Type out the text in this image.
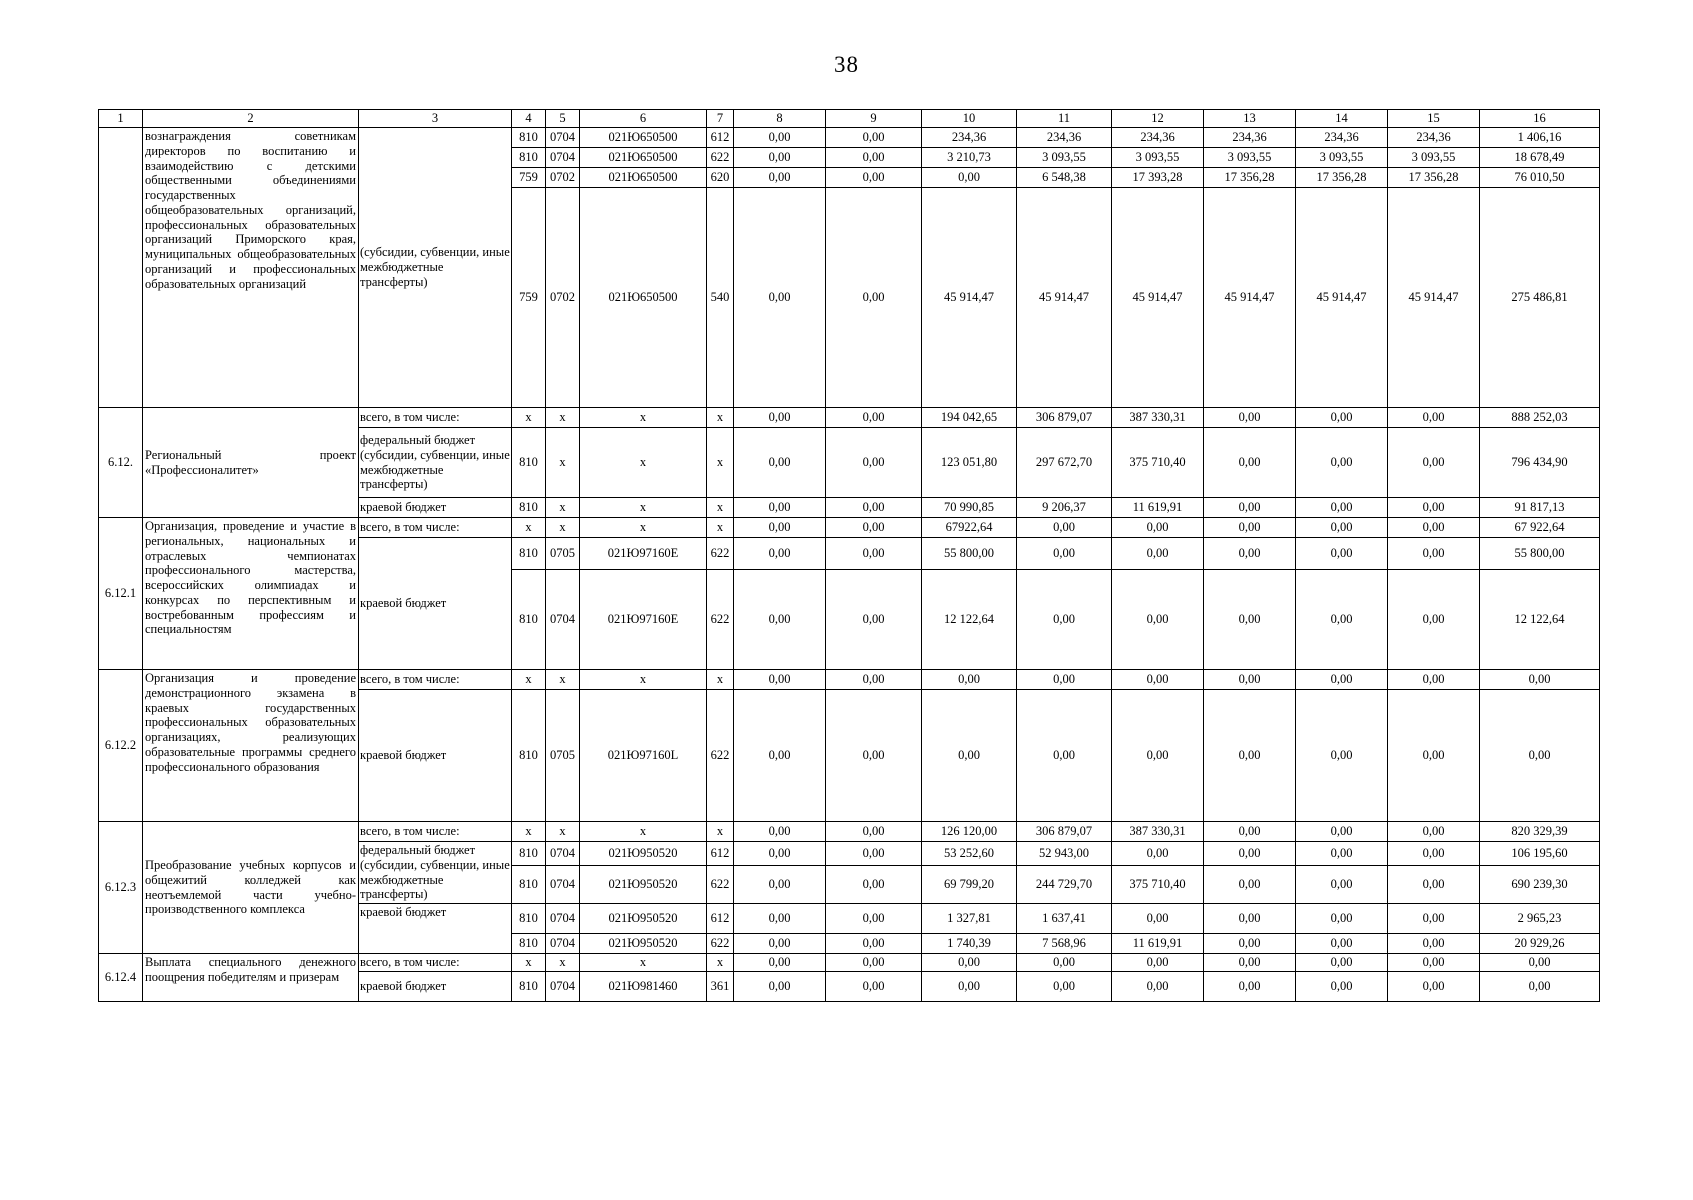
38
1	2	3	4	5	6	7	8	9	10	11	12	13	14	15	16
	вознаграждения советникам директоров по воспитанию и взаимодействию с детскими общественными объединениями государственных общеобразовательных организаций, профессиональных образовательных организаций Приморского края, муниципальных общеобразовательных организаций и профессиональных образовательных организаций	(субсидии, субвенции, иные межбюджетные трансферты)	810	0704	021Ю650500	612	0,00	0,00	234,36	234,36	234,36	234,36	234,36	234,36	1 406,16
			810	0704	021Ю650500	622	0,00	0,00	3 210,73	3 093,55	3 093,55	3 093,55	3 093,55	3 093,55	18 678,49
			759	0702	021Ю650500	620	0,00	0,00	0,00	6 548,38	17 393,28	17 356,28	17 356,28	17 356,28	76 010,50
			759	0702	021Ю650500	540	0,00	0,00	45 914,47	45 914,47	45 914,47	45 914,47	45 914,47	45 914,47	275 486,81
6.12.	Региональный проект «Профессионалитет»	всего, в том числе:	x	x	x	x	0,00	0,00	194 042,65	306 879,07	387 330,31	0,00	0,00	0,00	888 252,03
		федеральный бюджет (субсидии, субвенции, иные межбюджетные трансферты)	810	x	x	x	0,00	0,00	123 051,80	297 672,70	375 710,40	0,00	0,00	0,00	796 434,90
		краевой бюджет	810	x	x	x	0,00	0,00	70 990,85	9 206,37	11 619,91	0,00	0,00	0,00	91 817,13
6.12.1	Организация, проведение и участие в региональных, национальных и отраслевых чемпионатах профессионального мастерства, всероссийских олимпиадах и конкурсах по перспективным и востребованным профессиям и специальностям	всего, в том числе:	x	x	x	x	0,00	0,00	67922,64	0,00	0,00	0,00	0,00	0,00	67 922,64
		краевой бюджет	810	0705	021Ю97160Е	622	0,00	0,00	55 800,00	0,00	0,00	0,00	0,00	0,00	55 800,00
			810	0704	021Ю97160Е	622	0,00	0,00	12 122,64	0,00	0,00	0,00	0,00	0,00	12 122,64
6.12.2	Организация и проведение демонстрационного экзамена в краевых государственных профессиональных образовательных организациях, реализующих образовательные программы среднего профессионального образования	всего, в том числе:	x	x	x	x	0,00	0,00	0,00	0,00	0,00	0,00	0,00	0,00	0,00
		краевой бюджет	810	0705	021Ю97160L	622	0,00	0,00	0,00	0,00	0,00	0,00	0,00	0,00	0,00
6.12.3	Преобразование учебных корпусов и общежитий колледжей как неотъемлемой части учебно-производственного комплекса	всего, в том числе:	x	x	x	x	0,00	0,00	126 120,00	306 879,07	387 330,31	0,00	0,00	0,00	820 329,39
		федеральный бюджет (субсидии, субвенции, иные межбюджетные трансферты)	810	0704	021Ю950520	612	0,00	0,00	53 252,60	52 943,00	0,00	0,00	0,00	0,00	106 195,60
			810	0704	021Ю950520	622	0,00	0,00	69 799,20	244 729,70	375 710,40	0,00	0,00	0,00	690 239,30
		краевой бюджет	810	0704	021Ю950520	612	0,00	0,00	1 327,81	1 637,41	0,00	0,00	0,00	0,00	2 965,23
			810	0704	021Ю950520	622	0,00	0,00	1 740,39	7 568,96	11 619,91	0,00	0,00	0,00	20 929,26
6.12.4	Выплата специального денежного поощрения победителям и призерам	всего, в том числе:	x	x	x	x	0,00	0,00	0,00	0,00	0,00	0,00	0,00	0,00	0,00
		краевой бюджет	810	0704	021Ю981460	361	0,00	0,00	0,00	0,00	0,00	0,00	0,00	0,00	0,00
